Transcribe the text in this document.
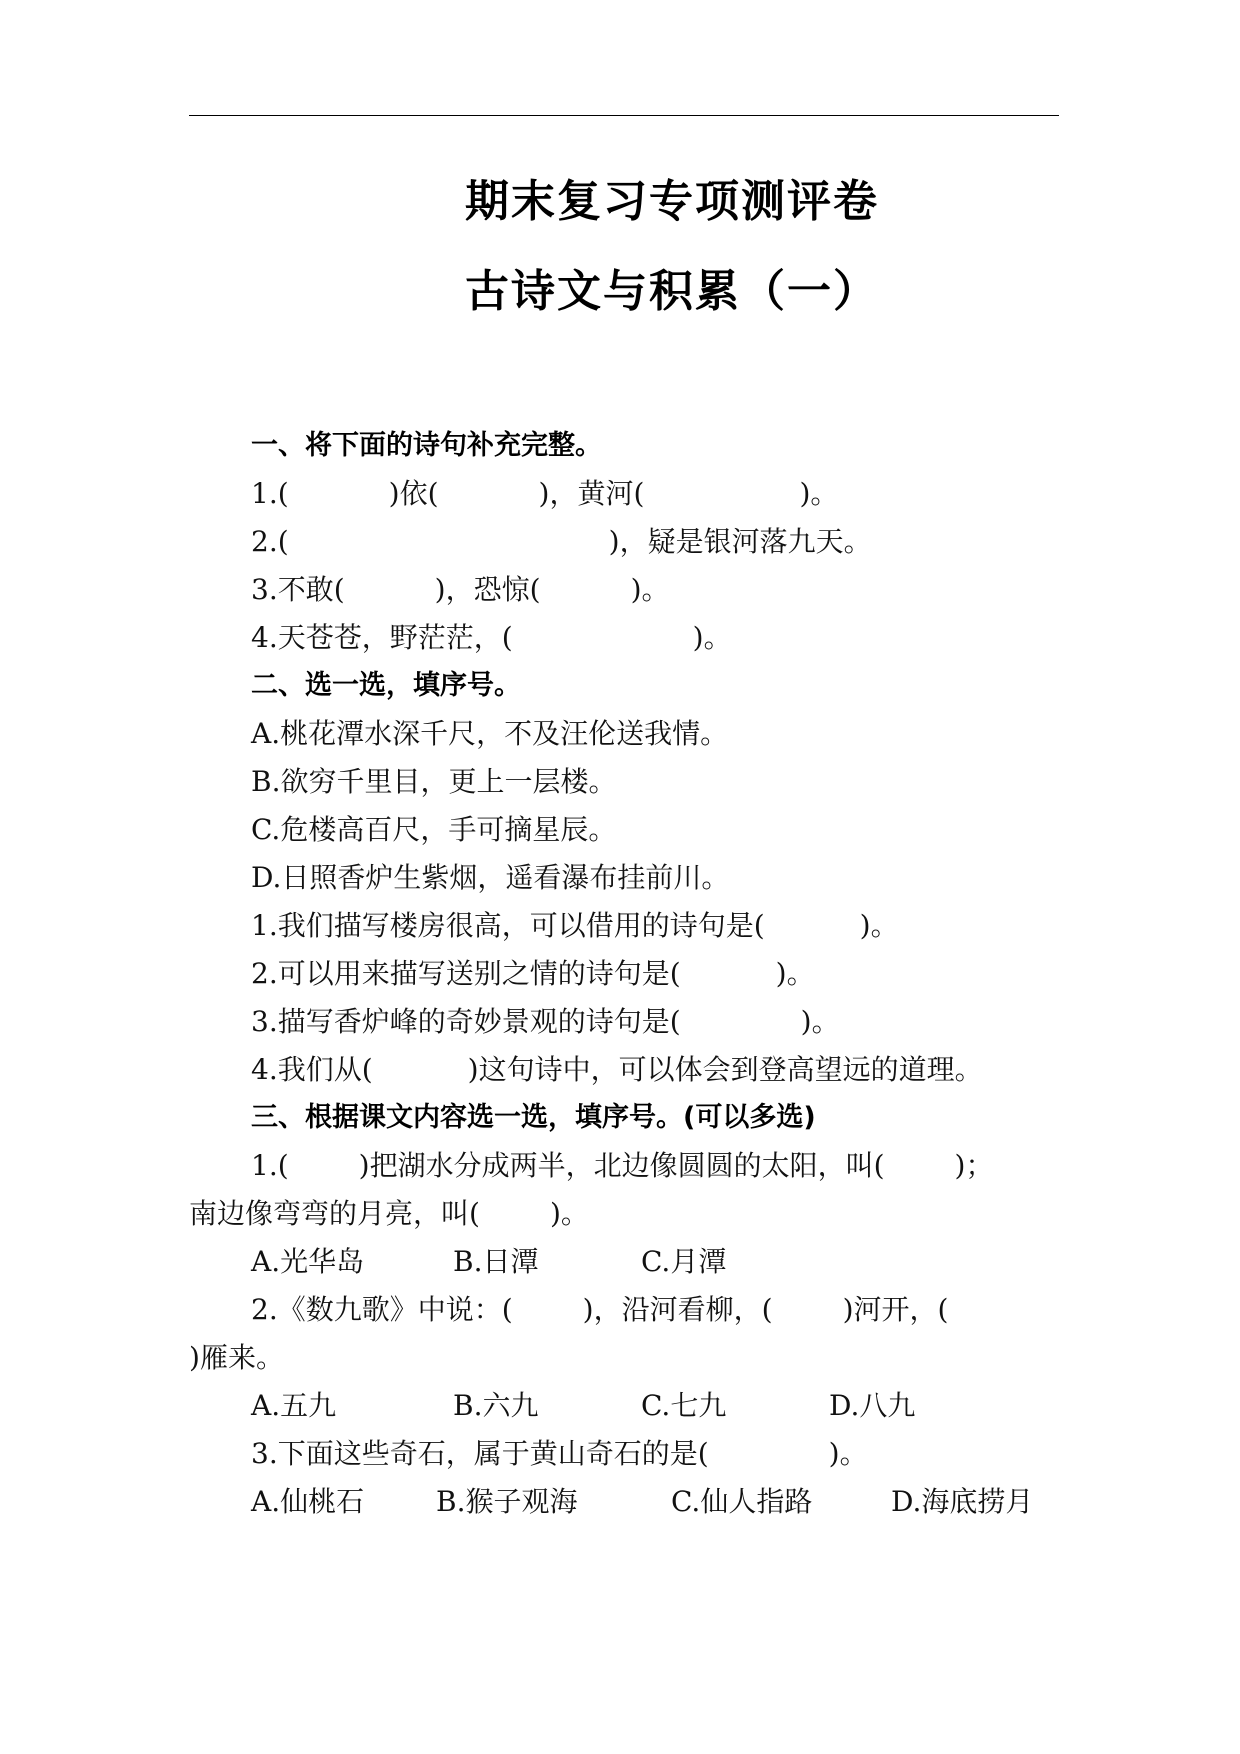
期末复习专项测评卷
古诗文与积累（一）
一、将下面的诗句补充完整。
1.(	)依(	)，黄河(	)。
2.(	)，疑是银河落九天。
3.不敢(	)，恐惊(	)。
4.天苍苍，野茫茫，(	)。
二、选一选，填序号。
A.桃花潭水深千尺，不及汪伦送我情。
B.欲穷千里目，更上一层楼。
C.危楼高百尺，手可摘星辰。
D.日照香炉生紫烟，遥看瀑布挂前川。
1.我们描写楼房很高，可以借用的诗句是(	)。
2.可以用来描写送别之情的诗句是(	)。
3.描写香炉峰的奇妙景观的诗句是(	)。
4.我们从(	)这句诗中，可以体会到登高望远的道理。
三、根据课文内容选一选，填序号。(可以多选)
1.(	)把湖水分成两半，北边像圆圆的太阳，叫(	)；
南边像弯弯的月亮，叫(	)。
A.光华岛	B.日潭	C.月潭
2.《数九歌》中说：(	)，沿河看柳，(	)河开，(
)雁来。
A.五九	B.六九	C.七九	D.八九
3.下面这些奇石，属于黄山奇石的是(	)。
A.仙桃石	B.猴子观海	C.仙人指路	D.海底捞月
